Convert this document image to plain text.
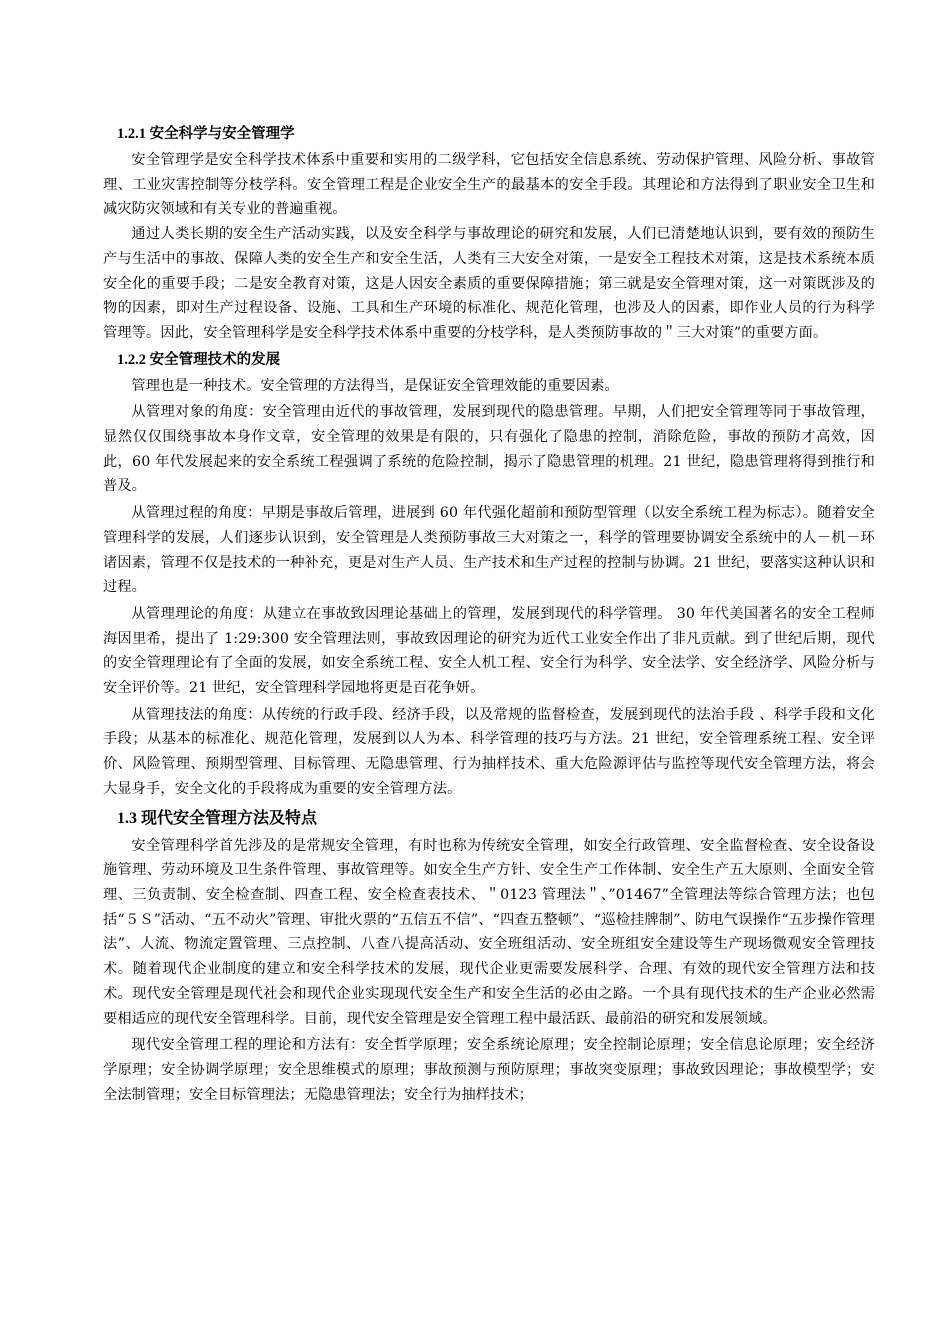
1.2.1 安全科学与安全管理学

安全管理学是安全科学技术体系中重要和实用的二级学科，它包括安全信息系统、劳动保护管理、风险分析、事故管理、工业灾害控制等分枝学科。安全管理工程是企业安全生产的最基本的安全手段。其理论和方法得到了职业安全卫生和减灾防灾领域和有关专业的普遍重视。

通过人类长期的安全生产活动实践，以及安全科学与事故理论的研究和发展，人们已清楚地认识到，要有效的预防生产与生活中的事故、保障人类的安全生产和安全生活，人类有三大安全对策，一是安全工程技术对策，这是技术系统本质安全化的重要手段；二是安全教育对策，这是人因安全素质的重要保障措施；第三就是安全管理对策，这一对策既涉及的物的因素，即对生产过程设备、设施、工具和生产环境的标准化、规范化管理，也涉及人的因素，即作业人员的行为科学管理等。因此，安全管理科学是安全科学技术体系中重要的分枝学科，是人类预防事故的＂三大对策”的重要方面。

1.2.2 安全管理技术的发展

管理也是一种技术。安全管理的方法得当，是保证安全管理效能的重要因素。

从管理对象的角度：安全管理由近代的事故管理，发展到现代的隐患管理。早期，人们把安全管理等同于事故管理，显然仅仅围绕事故本身作文章，安全管理的效果是有限的，只有强化了隐患的控制，消除危险，事故的预防才高效，因此，60 年代发展起来的安全系统工程强调了系统的危险控制，揭示了隐患管理的机理。21 世纪，隐患管理将得到推行和普及。

从管理过程的角度：早期是事故后管理，进展到 60 年代强化超前和预防型管理（以安全系统工程为标志）。随着安全管理科学的发展，人们逐步认识到，安全管理是人类预防事故三大对策之一，科学的管理要协调安全系统中的人－机－环诸因素，管理不仅是技术的一种补充，更是对生产人员、生产技术和生产过程的控制与协调。21 世纪，要落实这种认识和过程。

从管理理论的角度：从建立在事故致因理论基础上的管理，发展到现代的科学管理。 30 年代美国著名的安全工程师海因里希，提出了 1:29:300 安全管理法则，事故致因理论的研究为近代工业安全作出了非凡贡献。到了世纪后期，现代的安全管理理论有了全面的发展，如安全系统工程、安全人机工程、安全行为科学、安全法学、安全经济学、风险分析与安全评价等。21 世纪，安全管理科学园地将更是百花争妍。

从管理技法的角度：从传统的行政手段、经济手段，以及常规的监督检查，发展到现代的法治手段 、科学手段和文化手段；从基本的标准化、规范化管理，发展到以人为本、科学管理的技巧与方法。21 世纪，安全管理系统工程、安全评价、风险管理、预期型管理、目标管理、无隐患管理、行为抽样技术、重大危险源评估与监控等现代安全管理方法，将会大显身手，安全文化的手段将成为重要的安全管理方法。

1.3 现代安全管理方法及特点

安全管理科学首先涉及的是常规安全管理，有时也称为传统安全管理，如安全行政管理、安全监督检查、安全设备设施管理、劳动环境及卫生条件管理、事故管理等。如安全生产方针、安全生产工作体制、安全生产五大原则、全面安全管理、三负责制、安全检查制、四查工程、安全检查表技术、＂0123 管理法＂、”01467”全管理法等综合管理方法；也包括“５Ｓ”活动、“五不动火”管理、审批火票的“五信五不信”、“四查五整顿”、“巡检挂牌制”、防电气误操作“五步操作管理法”、人流、物流定置管理、三点控制、八查八提高活动、安全班组活动、安全班组安全建设等生产现场微观安全管理技术。随着现代企业制度的建立和安全科学技术的发展，现代企业更需要发展科学、合理、有效的现代安全管理方法和技术。现代安全管理是现代社会和现代企业实现现代安全生产和安全生活的必由之路。一个具有现代技术的生产企业必然需要相适应的现代安全管理科学。目前，现代安全管理是安全管理工程中最活跃、最前沿的研究和发展领域。

现代安全管理工程的理论和方法有：安全哲学原理；安全系统论原理；安全控制论原理；安全信息论原理；安全经济学原理；安全协调学原理；安全思维模式的原理；事故预测与预防原理；事故突变原理；事故致因理论；事故模型学；安全法制管理；安全目标管理法；无隐患管理法；安全行为抽样技术；
